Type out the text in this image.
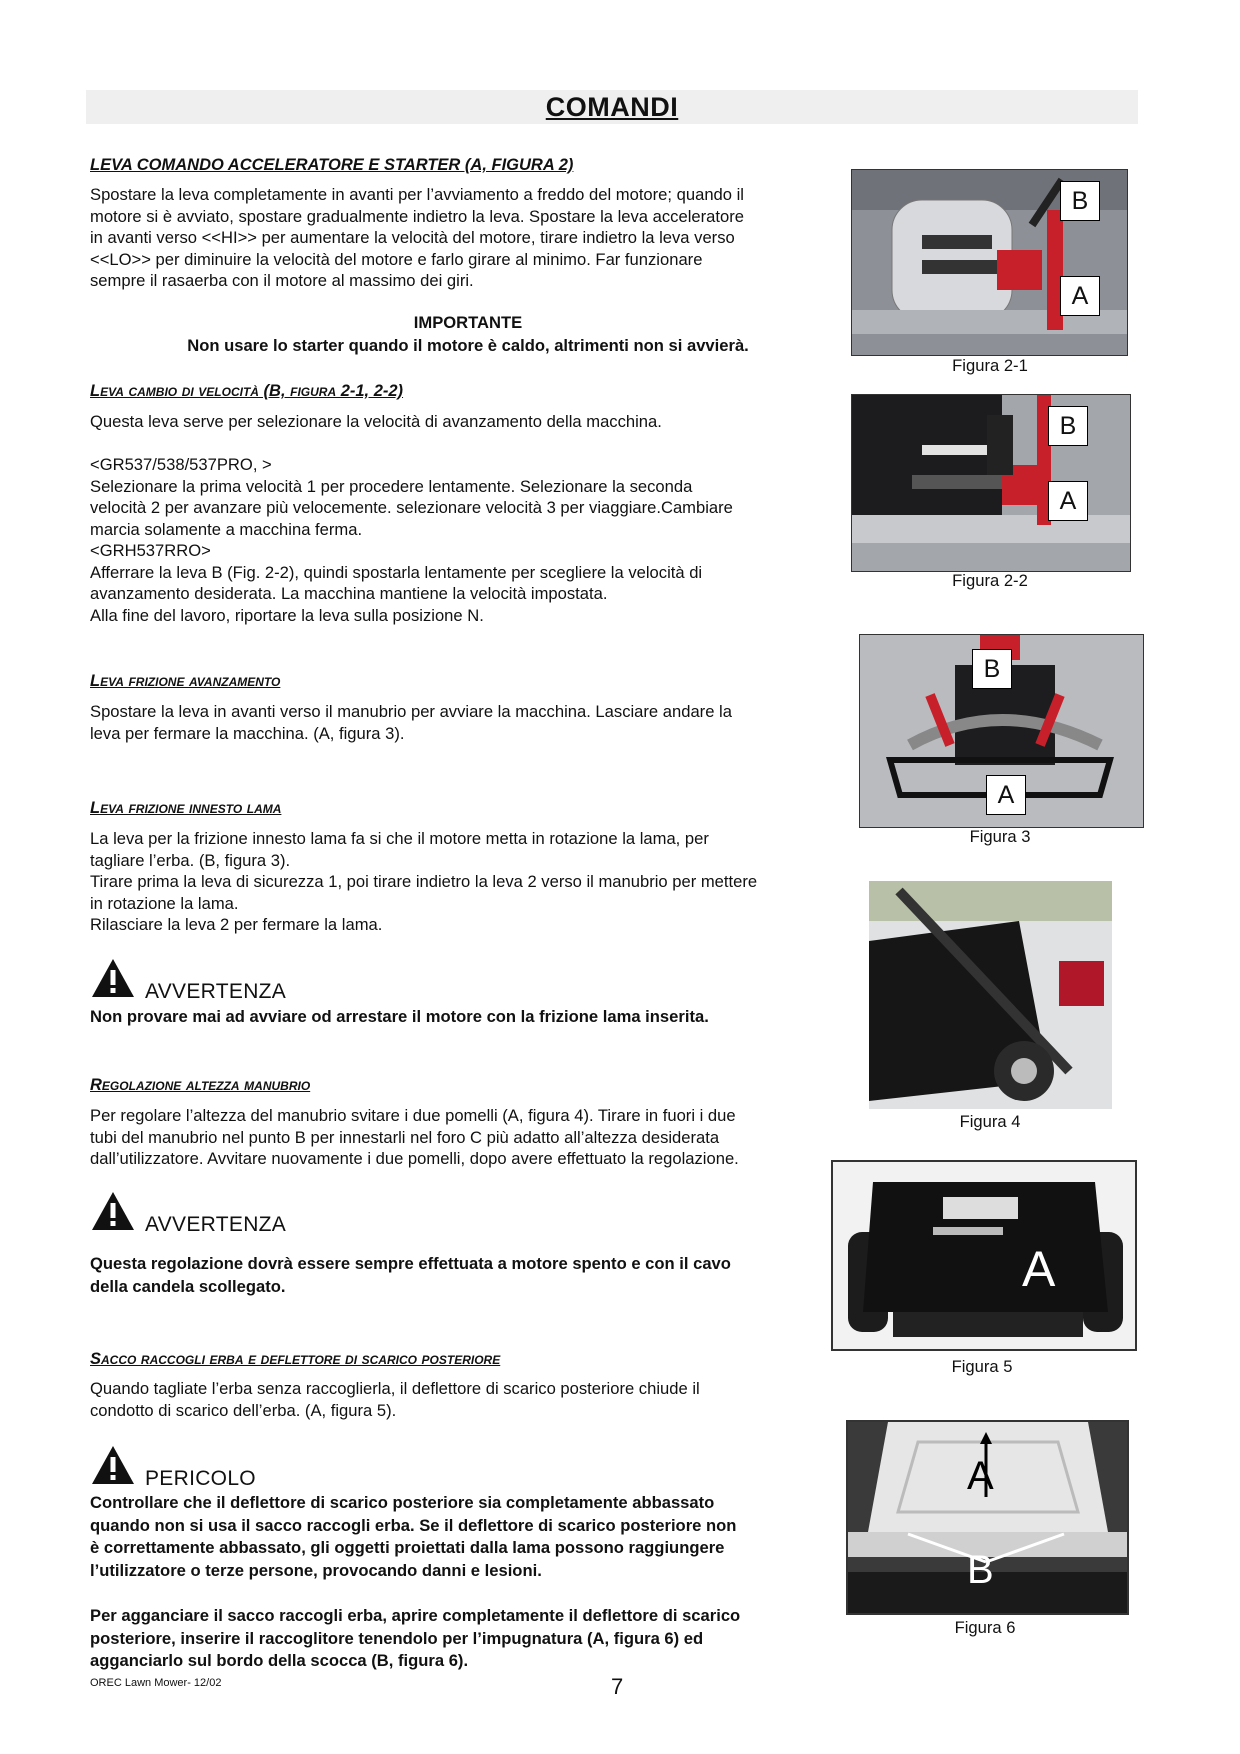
COMANDI
LEVA COMANDO ACCELERATORE E STARTER (A, FIGURA 2)
Spostare la leva completamente in avanti per l’avviamento a freddo del motore; quando il
motore si è avviato, spostare gradualmente indietro la leva. Spostare la leva acceleratore
in avanti verso <<HI>> per aumentare la velocità del motore, tirare indietro la leva verso
<<LO>> per diminuire la velocità del motore e farlo girare al minimo. Far funzionare
sempre il rasaerba con il motore al massimo dei giri.
IMPORTANTE
Non usare lo starter quando il motore è caldo, altrimenti non si avvierà.
Leva cambio di velocità (B, figura 2-1, 2-2)
Questa leva serve per selezionare la velocità di avanzamento della macchina.
<GR537/538/537PRO, >
Selezionare la prima velocità 1 per procedere lentamente. Selezionare la seconda
velocità 2 per avanzare più velocemente. selezionare velocità 3 per viaggiare.Cambiare
marcia solamente a macchina ferma.
<GRH537RRO>
Afferrare la leva B (Fig. 2-2), quindi spostarla lentamente per scegliere la velocità di
avanzamento desiderata. La macchina mantiene la velocità impostata.
Alla fine del lavoro, riportare la leva sulla posizione N.
Leva frizione avanzamento
Spostare la leva in avanti verso il manubrio per avviare la macchina. Lasciare andare la
leva per fermare la macchina. (A, figura 3).
Leva frizione innesto lama
La leva per la frizione innesto lama fa si che il motore metta in rotazione la lama, per
tagliare l’erba. (B, figura 3).
Tirare prima la leva di sicurezza 1, poi tirare indietro la leva 2 verso il manubrio per mettere
in rotazione la lama.
Rilasciare la leva 2 per fermare la lama.
AVVERTENZA
Non provare mai ad avviare od arrestare il motore con la frizione lama inserita.
Regolazione altezza manubrio
Per regolare l’altezza del manubrio svitare i due pomelli (A, figura 4). Tirare in fuori i due
tubi del manubrio nel punto B per innestarli nel foro C più adatto all’altezza desiderata
dall’utilizzatore. Avvitare nuovamente i due pomelli, dopo avere effettuato la regolazione.
AVVERTENZA
Questa regolazione dovrà essere sempre effettuata a motore spento e con il cavo
della candela scollegato.
Sacco raccogli erba e deflettore di scarico posteriore
Quando tagliate l’erba senza raccoglierla, il deflettore di scarico posteriore chiude il
condotto di scarico dell’erba. (A, figura 5).
PERICOLO
Controllare che il deflettore di scarico posteriore sia completamente abbassato
quando non si usa il sacco raccogli erba. Se il deflettore di scarico posteriore non
è correttamente abbassato, gli oggetti proiettati dalla lama possono raggiungere
l’utilizzatore o terze persone, provocando danni e lesioni.
Per agganciare il sacco raccogli erba, aprire completamente il deflettore di scarico
posteriore, inserire il raccoglitore tenendolo per l’impugnatura (A, figura 6) ed
agganciarlo sul bordo della scocca (B, figura 6).
B
A
Figura 2-1
B
A
Figura 2-2
B
A
Figura 3
Figura 4
A
Figura 5
A
B
Figura 6
OREC Lawn Mower- 12/02	7
